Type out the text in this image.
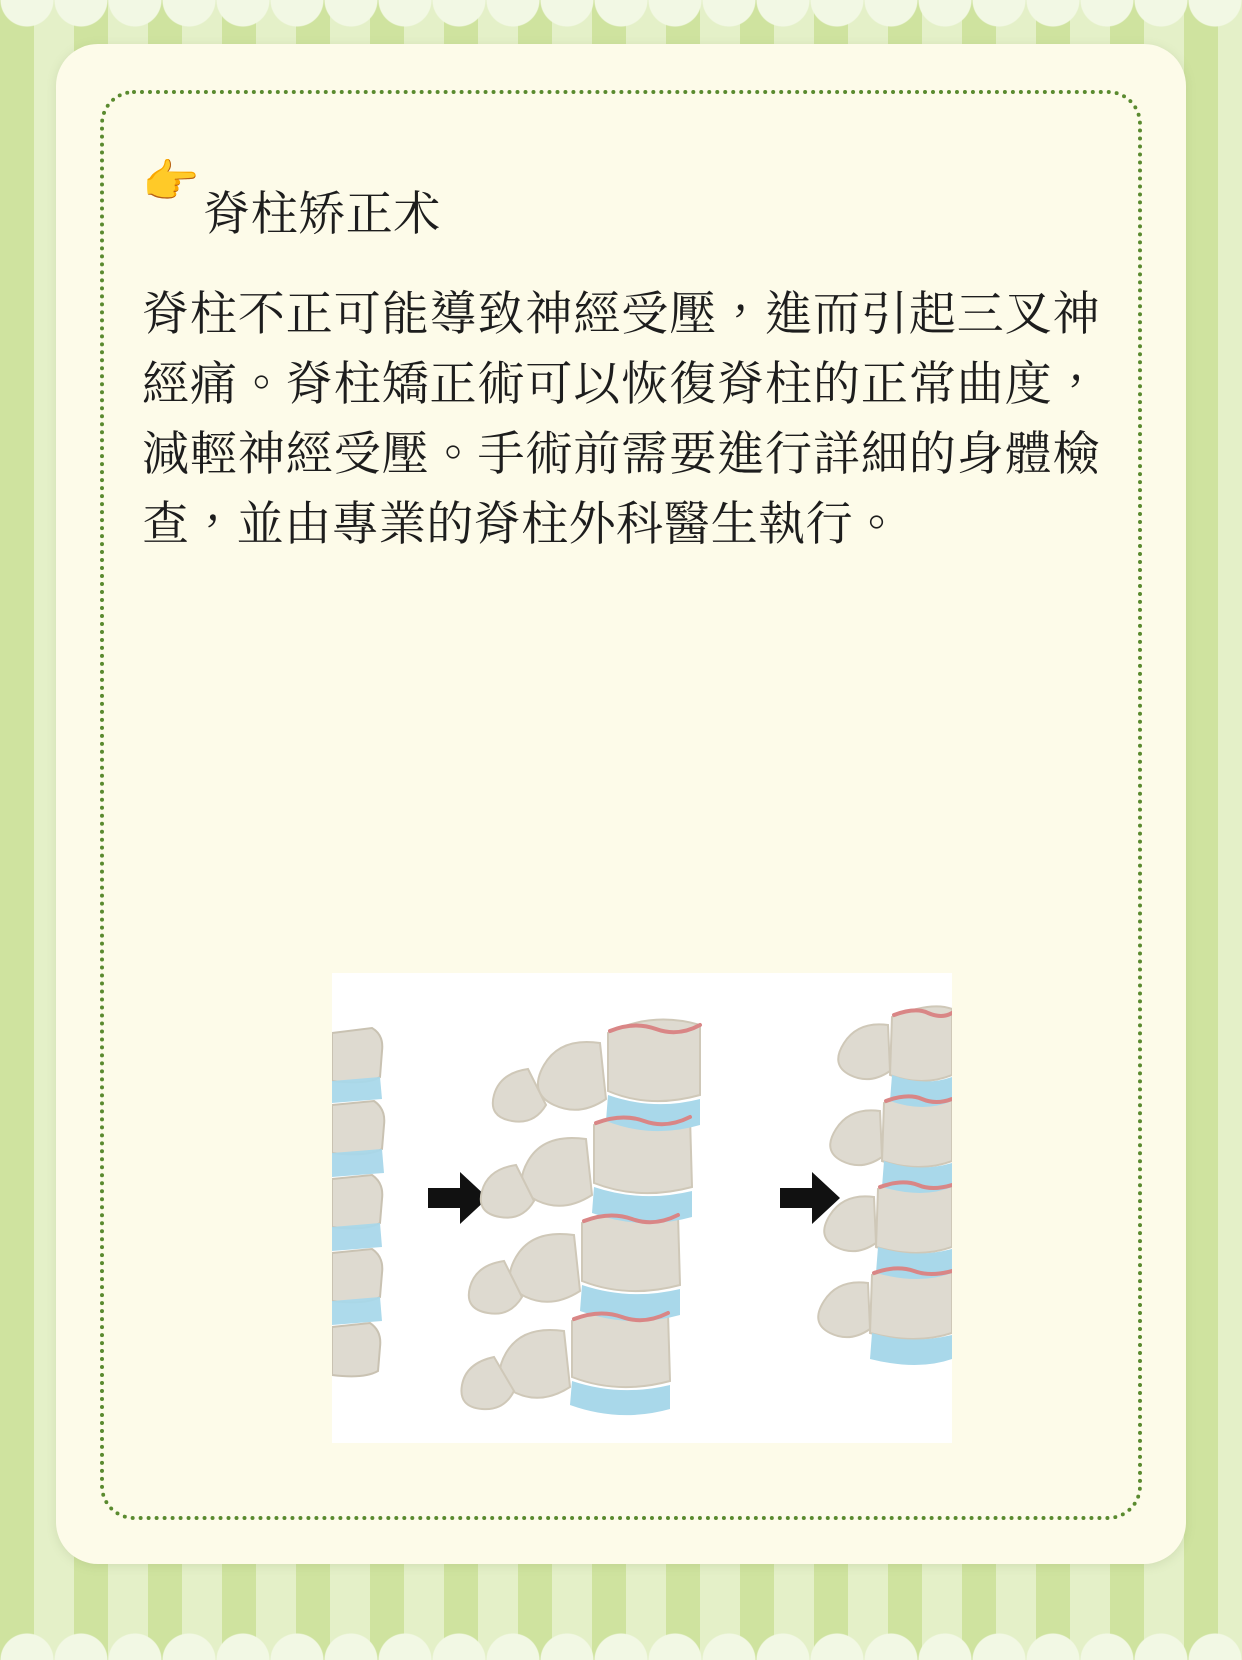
👉
脊柱矫正术

脊柱不正可能導致神經受壓，進而引起三叉神經痛。脊柱矯正術可以恢復脊柱的正常曲度，減輕神經受壓。手術前需要進行詳細的身體檢查，並由專業的脊柱外科醫生執行。
